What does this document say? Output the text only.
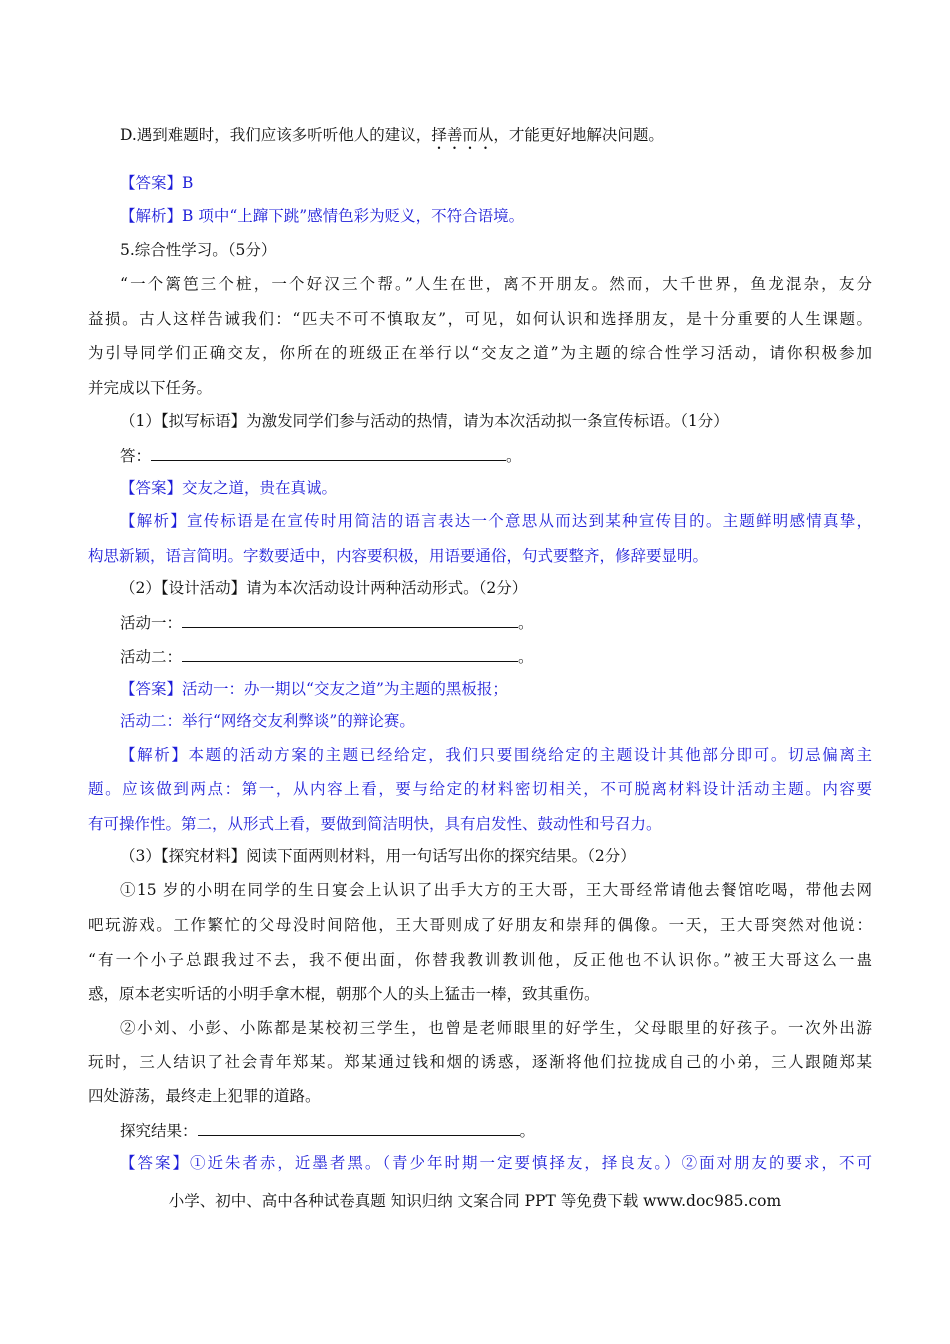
D.遇到难题时，我们应该多听听他人的建议，择善而从，才能更好地解决问题。
【答案】B
【解析】B 项中“上蹿下跳”感情色彩为贬义，不符合语境。
5.综合性学习。（5分）
“一个篱笆三个桩，一个好汉三个帮。”人生在世，离不开朋友。然而，大千世界，鱼龙混杂，友分
益损。古人这样告诫我们：“匹夫不可不慎取友”，可见，如何认识和选择朋友，是十分重要的人生课题。
为引导同学们正确交友，你所在的班级正在举行以“交友之道”为主题的综合性学习活动，请你积极参加
并完成以下任务。
（1）【拟写标语】为激发同学们参与活动的热情，请为本次活动拟一条宣传标语。（1分）
答：	。
【答案】交友之道，贵在真诚。
【解析】宣传标语是在宣传时用简洁的语言表达一个意思从而达到某种宣传目的。主题鲜明感情真挚，
构思新颖，语言简明。字数要适中，内容要积极，用语要通俗，句式要整齐，修辞要显明。
（2）【设计活动】请为本次活动设计两种活动形式。（2分）
活动一：	。
活动二：	。
【答案】活动一：办一期以“交友之道”为主题的黑板报；
活动二：举行“网络交友利弊谈”的辩论赛。
【解析】本题的活动方案的主题已经给定，我们只要围绕给定的主题设计其他部分即可。切忌偏离主
题。应该做到两点：第一，从内容上看，要与给定的材料密切相关，不可脱离材料设计活动主题。内容要
有可操作性。第二，从形式上看，要做到简洁明快，具有启发性、鼓动性和号召力。
（3）【探究材料】阅读下面两则材料，用一句话写出你的探究结果。（2分）
①15 岁的小明在同学的生日宴会上认识了出手大方的王大哥，王大哥经常请他去餐馆吃喝，带他去网
吧玩游戏。工作繁忙的父母没时间陪他，王大哥则成了好朋友和崇拜的偶像。一天，王大哥突然对他说：
“有一个小子总跟我过不去，我不便出面，你替我教训教训他，反正他也不认识你。”被王大哥这么一蛊
惑，原本老实听话的小明手拿木棍，朝那个人的头上猛击一棒，致其重伤。
②小刘、小彭、小陈都是某校初三学生，也曾是老师眼里的好学生，父母眼里的好孩子。一次外出游
玩时，三人结识了社会青年郑某。郑某通过钱和烟的诱惑，逐渐将他们拉拢成自己的小弟，三人跟随郑某
四处游荡，最终走上犯罪的道路。
探究结果：	。
【答案】①近朱者赤，近墨者黑。（青少年时期一定要慎择友，择良友。）②面对朋友的要求，不可
小学、初中、高中各种试卷真题 知识归纳 文案合同 PPT 等免费下载 www.doc985.com
